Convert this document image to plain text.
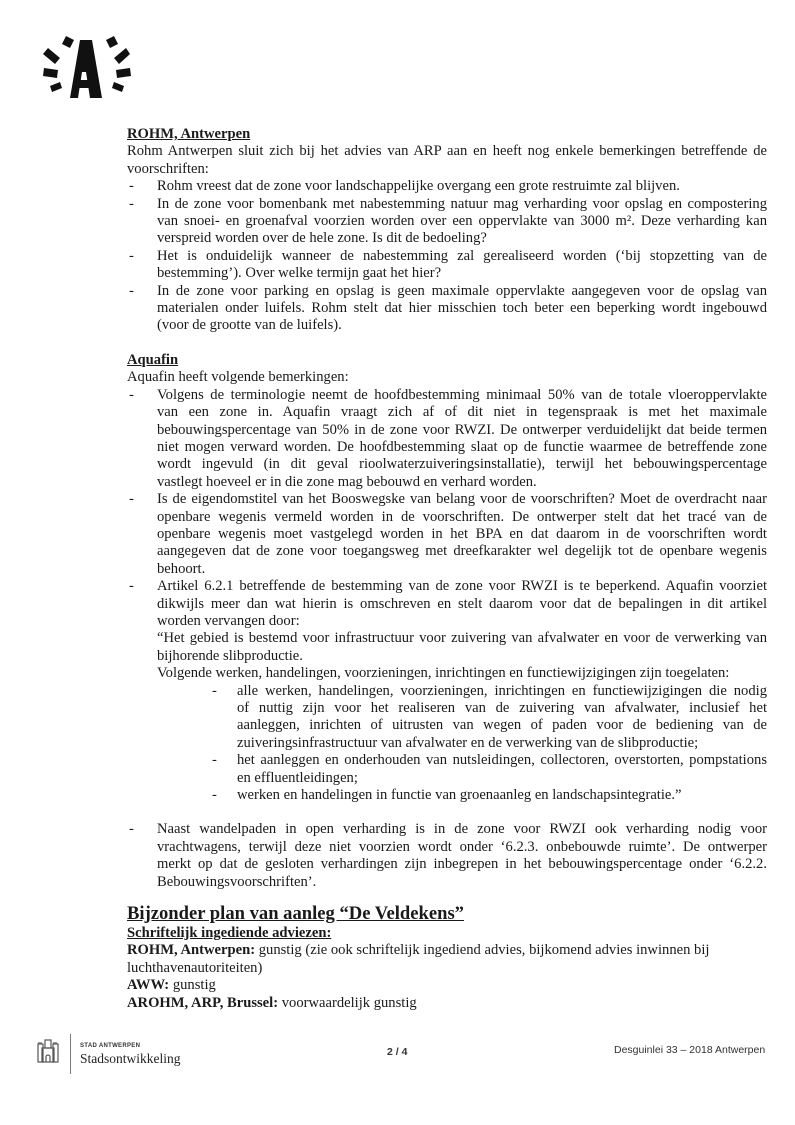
ROHM, Antwerpen
Rohm Antwerpen sluit zich bij het advies van ARP aan en heeft nog enkele bemerkingen betreffende de
voorschriften:
- Rohm vreest dat de zone voor landschappelijke overgang een grote restruimte zal blijven.
- In de zone voor bomenbank met nabestemming natuur mag verharding voor opslag en compostering
van snoei- en groenafval voorzien worden over een oppervlakte van 3000 m². Deze verharding kan
verspreid worden over de hele zone. Is dit de bedoeling?
- Het is onduidelijk wanneer de nabestemming zal gerealiseerd worden (‘bij stopzetting van de
bestemming’). Over welke termijn gaat het hier?
- In de zone voor parking en opslag is geen maximale oppervlakte aangegeven voor de opslag van
materialen onder luifels. Rohm stelt dat hier misschien toch beter een beperking wordt ingebouwd
(voor de grootte van de luifels).
Aquafin
Aquafin heeft volgende bemerkingen:
- Volgens de terminologie neemt de hoofdbestemming minimaal 50% van de totale vloeroppervlakte
van een zone in. Aquafin vraagt zich af of dit niet in tegenspraak is met het maximale
bebouwingspercentage van 50% in de zone voor RWZI. De ontwerper verduidelijkt dat beide termen
niet mogen verward worden. De hoofdbestemming slaat op de functie waarmee de betreffende zone
wordt ingevuld (in dit geval rioolwaterzuiveringsinstallatie), terwijl het bebouwingspercentage
vastlegt hoeveel er in die zone mag bebouwd en verhard worden.
- Is de eigendomstitel van het Booswegske van belang voor de voorschriften? Moet de overdracht naar
openbare wegenis vermeld worden in de voorschriften. De ontwerper stelt dat het tracé van de
openbare wegenis moet vastgelegd worden in het BPA en dat daarom in de voorschriften wordt
aangegeven dat de zone voor toegangsweg met dreefkarakter wel degelijk tot de openbare wegenis
behoort.
- Artikel 6.2.1 betreffende de bestemming van de zone voor RWZI is te beperkend. Aquafin voorziet
dikwijls meer dan wat hierin is omschreven en stelt daarom voor dat de bepalingen in dit artikel
worden vervangen door:
“Het gebied is bestemd voor infrastructuur voor zuivering van afvalwater en voor de verwerking van
bijhorende slibproductie.
Volgende werken, handelingen, voorzieningen, inrichtingen en functiewijzigingen zijn toegelaten:
- alle werken, handelingen, voorzieningen, inrichtingen en functiewijzigingen die nodig
of nuttig zijn voor het realiseren van de zuivering van afvalwater, inclusief het
aanleggen, inrichten of uitrusten van wegen of paden voor de bediening van de
zuiveringsinfrastructuur van afvalwater en de verwerking van de slibproductie;
- het aanleggen en onderhouden van nutsleidingen, collectoren, overstorten, pompstations
en effluentleidingen;
- werken en handelingen in functie van groenaanleg en landschapsintegratie.”
- Naast wandelpaden in open verharding is in de zone voor RWZI ook verharding nodig voor
vrachtwagens, terwijl deze niet voorzien wordt onder ‘6.2.3. onbebouwde ruimte’. De ontwerper
merkt op dat de gesloten verhardingen zijn inbegrepen in het bebouwingspercentage onder ‘6.2.2.
Bebouwingsvoorschriften’.
Bijzonder plan van aanleg “De Veldekens”
Schriftelijk ingediende adviezen:
ROHM, Antwerpen: gunstig (zie ook schriftelijk ingediend advies, bijkomend advies inwinnen bij
luchthavenautoriteiten)
AWW: gunstig
AROHM, ARP, Brussel: voorwaardelijk gunstig
STAD ANTWERPEN
Stadsontwikkeling	2 / 4	Desguinlei 33 – 2018 Antwerpen
